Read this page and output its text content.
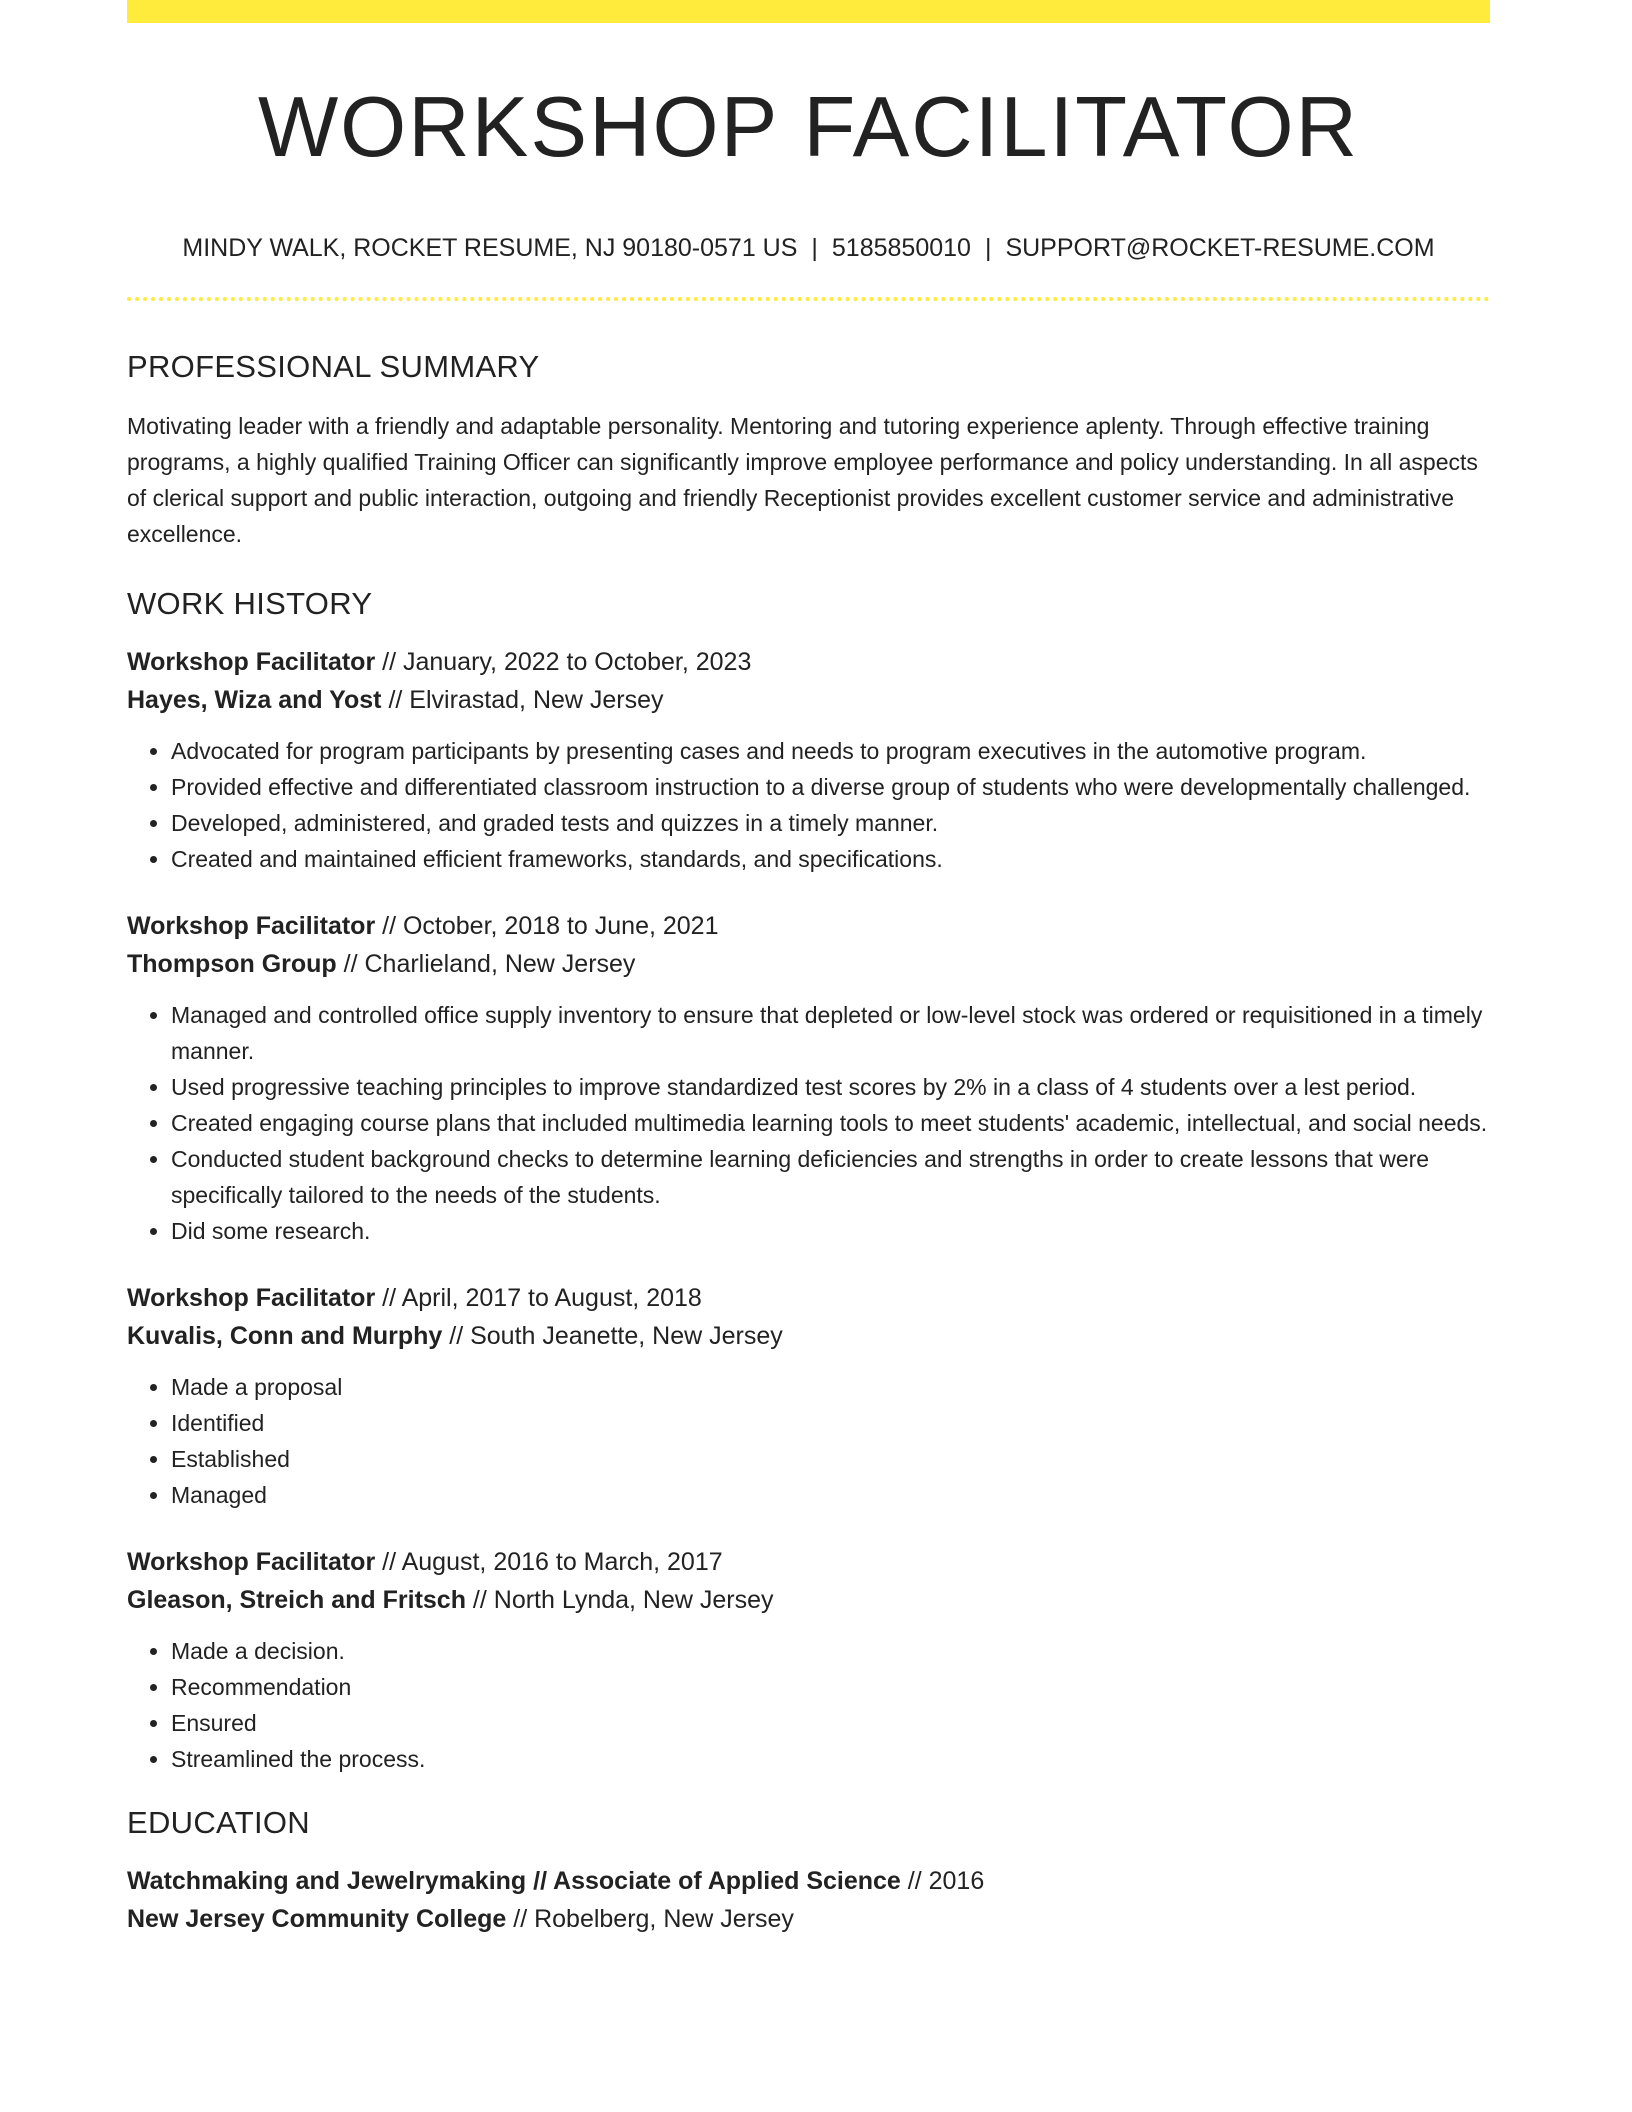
WORKSHOP FACILITATOR
MINDY WALK, ROCKET RESUME, NJ 90180-0571 US | 5185850010 | SUPPORT@ROCKET-RESUME.COM
PROFESSIONAL SUMMARY
Motivating leader with a friendly and adaptable personality. Mentoring and tutoring experience aplenty. Through effective training programs, a highly qualified Training Officer can significantly improve employee performance and policy understanding. In all aspects of clerical support and public interaction, outgoing and friendly Receptionist provides excellent customer service and administrative excellence.
WORK HISTORY
Workshop Facilitator // January, 2022 to October, 2023
Hayes, Wiza and Yost // Elvirastad, New Jersey
• Advocated for program participants by presenting cases and needs to program executives in the automotive program.
• Provided effective and differentiated classroom instruction to a diverse group of students who were developmentally challenged.
• Developed, administered, and graded tests and quizzes in a timely manner.
• Created and maintained efficient frameworks, standards, and specifications.
Workshop Facilitator // October, 2018 to June, 2021
Thompson Group // Charlieland, New Jersey
• Managed and controlled office supply inventory to ensure that depleted or low-level stock was ordered or requisitioned in a timely manner.
• Used progressive teaching principles to improve standardized test scores by 2% in a class of 4 students over a lest period.
• Created engaging course plans that included multimedia learning tools to meet students' academic, intellectual, and social needs.
• Conducted student background checks to determine learning deficiencies and strengths in order to create lessons that were specifically tailored to the needs of the students.
• Did some research.
Workshop Facilitator // April, 2017 to August, 2018
Kuvalis, Conn and Murphy // South Jeanette, New Jersey
• Made a proposal
• Identified
• Established
• Managed
Workshop Facilitator // August, 2016 to March, 2017
Gleason, Streich and Fritsch // North Lynda, New Jersey
• Made a decision.
• Recommendation
• Ensured
• Streamlined the process.
EDUCATION
Watchmaking and Jewelrymaking // Associate of Applied Science // 2016
New Jersey Community College // Robelberg, New Jersey
